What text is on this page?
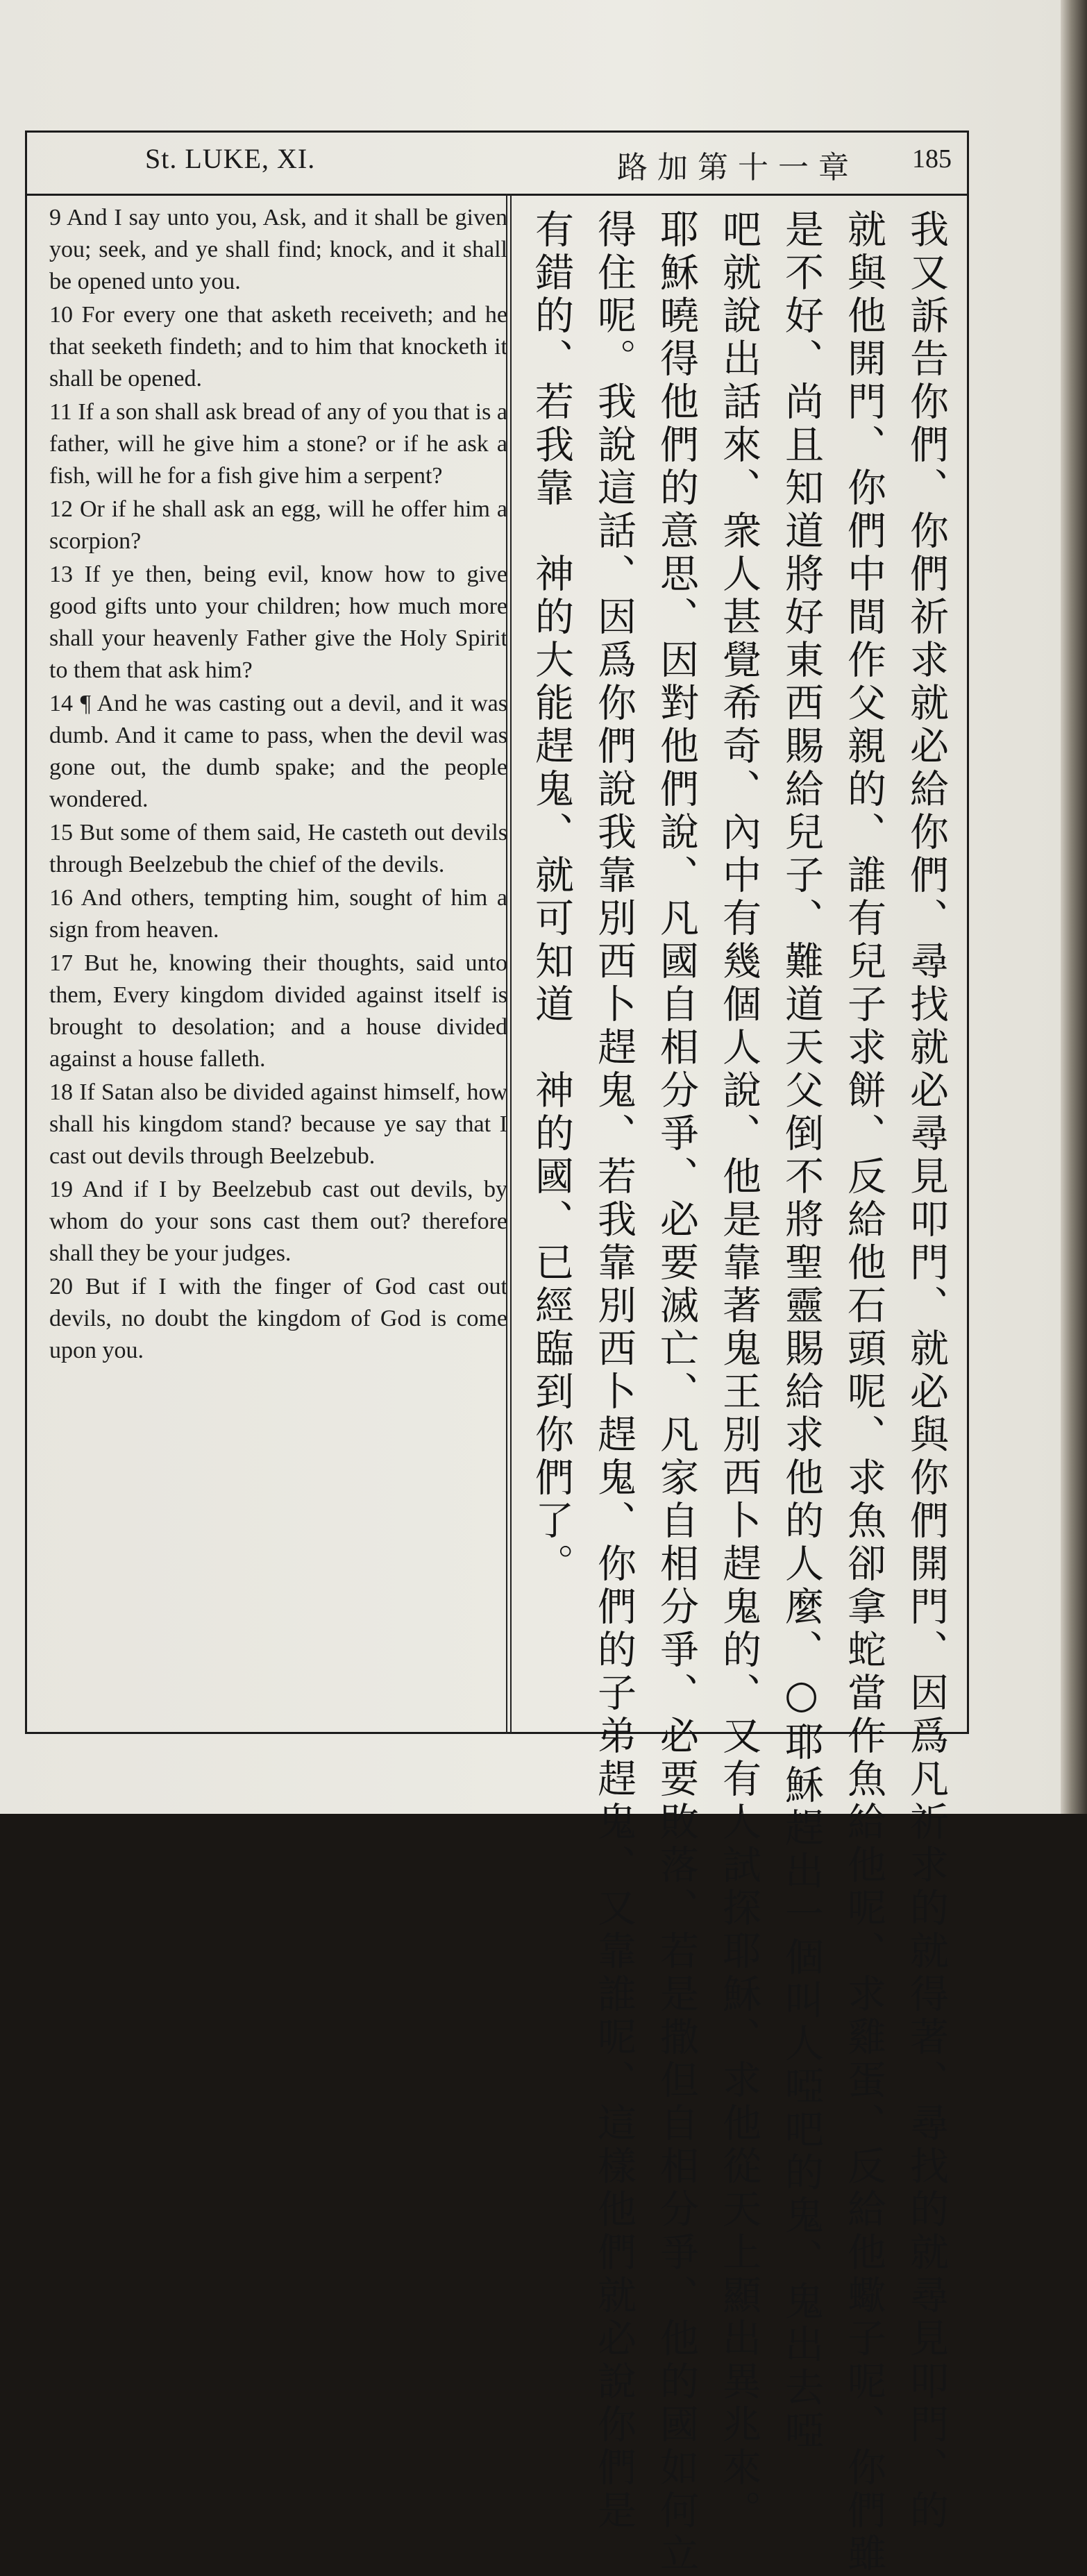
St. LUKE, XI.	路加第十一章 185

9 And I say unto you, Ask, and it shall be given you; seek, and ye shall find; knock, and it shall be opened unto you.

10 For every one that asketh receiveth; and he that seeketh findeth; and to him that knocketh it shall be opened.

11 If a son shall ask bread of any of you that is a father, will he give him a stone? or if he ask a fish, will he for a fish give him a serpent?

12 Or if he shall ask an egg, will he offer him a scorpion?

13 If ye then, being evil, know how to give good gifts unto your children; how much more shall your heavenly Father give the Holy Spirit to them that ask him?

14 ¶ And he was casting out a devil, and it was dumb. And it came to pass, when the devil was gone out, the dumb spake; and the people wondered.

15 But some of them said, He casteth out devils through Beelzebub the chief of the devils.

16 And others, tempting him, sought of him a sign from heaven.

17 But he, knowing their thoughts, said unto them, Every kingdom divided against itself is brought to desolation; and a house divided against a house falleth.

18 If Satan also be divided against himself, how shall his kingdom stand? because ye say that I cast out devils through Beelzebub.

19 And if I by Beelzebub cast out devils, by whom do your sons cast them out? therefore shall they be your judges.

20 But if I with the finger of God cast out devils, no doubt the kingdom of God is come upon you.	我又訴告你們、你們祈求就必給你們、尋找就必尋見叩門、就必與你們開門、因爲凡祈求的就得著、尋找的就尋見叩門、的
就與他開門、你們中間作父親的、誰有兒子求餅、反給他石頭呢、求魚卻拿蛇當作魚給他呢、求雞蛋、反給他蠍子呢、你們雖
是不好、尚且知道將好東西賜給兒子、難道天父倒不將聖靈賜給求他的人麼、○耶穌趕出一個叫人啞吧的鬼、鬼出去啞
吧就說出話來、衆人甚覺希奇、內中有幾個人說、他是靠著鬼王別西卜趕鬼的、又有人試探耶穌、求他從天上顯出異兆來。
耶穌曉得他們的意思、因對他們說、凡國自相分爭、必要滅亡、凡家自相分爭、必要敗落、若是撒但自相分爭、他的國如何立
得住呢。我說這話、因爲你們說我靠別西卜趕鬼、若我靠別西卜趕鬼、你們的子弟趕鬼、又靠誰呢、這樣他們就必說你們是
有錯的、若我靠　神的大能趕鬼、就可知道　神的國、已經臨到你們了。
